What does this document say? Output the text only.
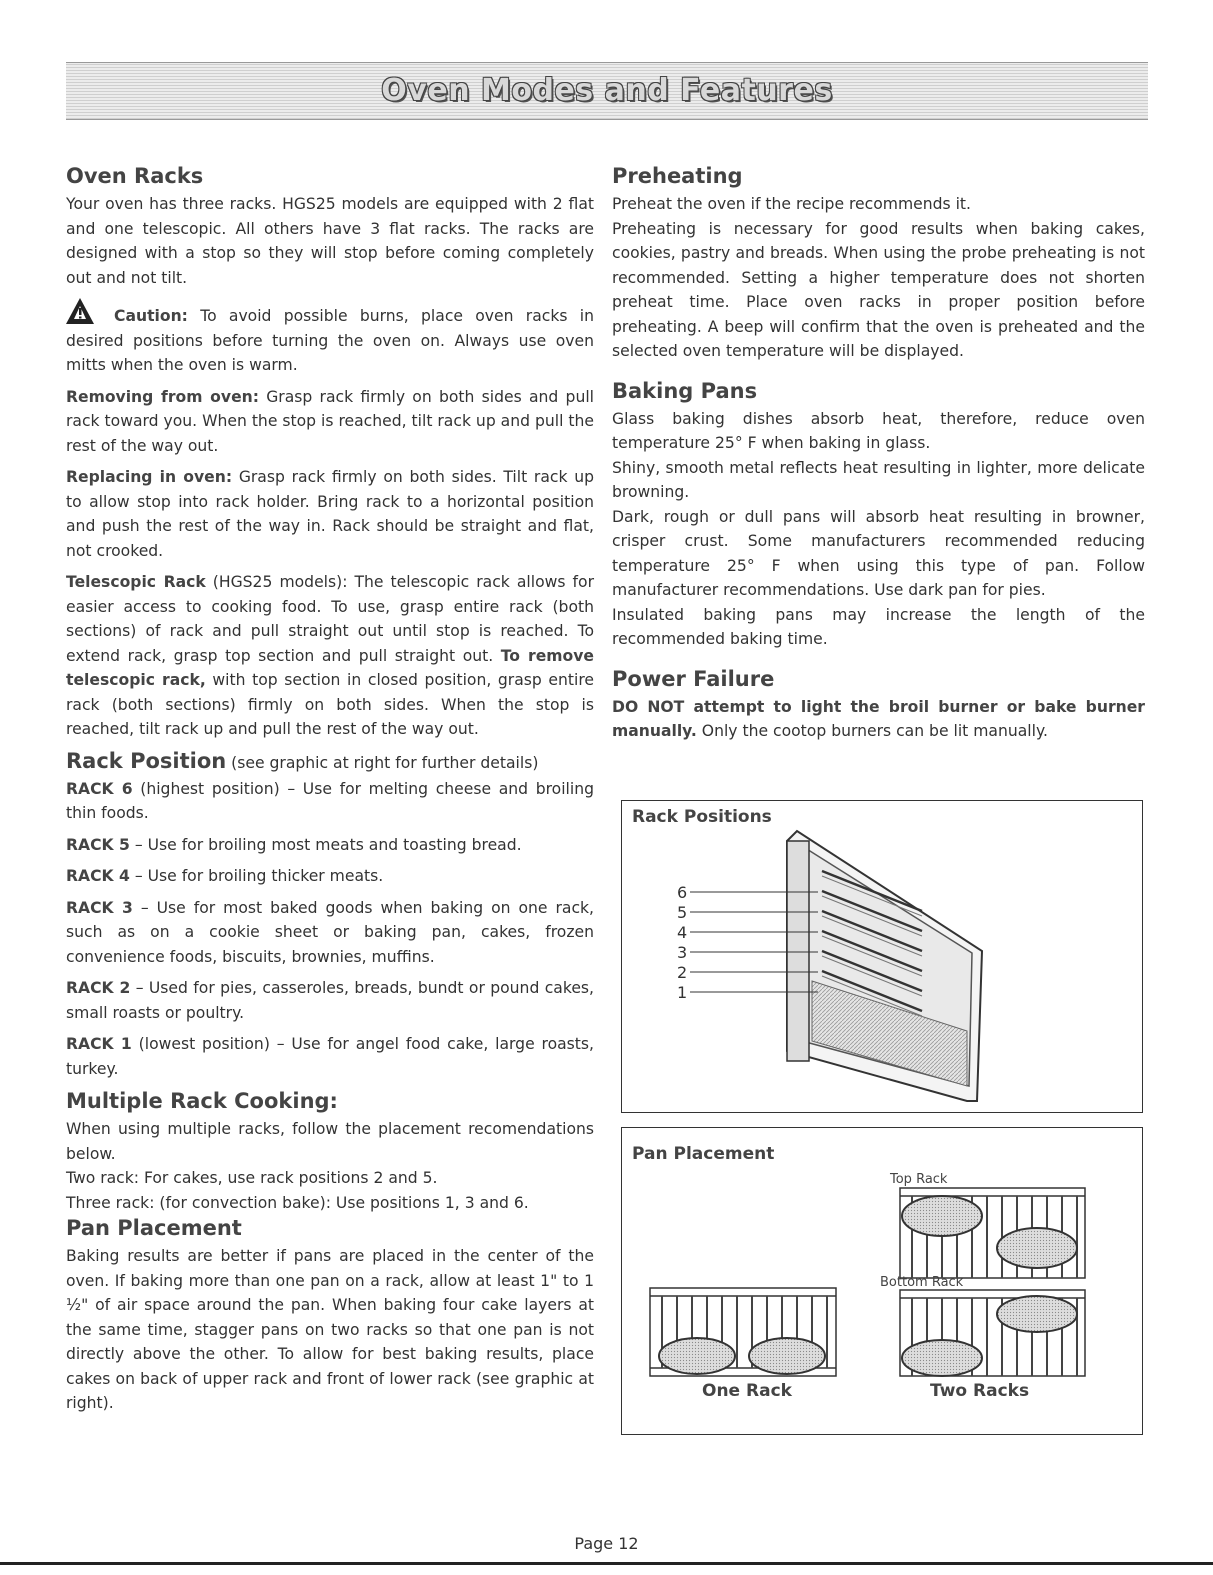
Oven Modes and Features
Oven Racks

Your oven has three racks. HGS25 models are equipped with 2 flat and one telescopic. All others have 3 flat racks. The racks are designed with a stop so they will stop before coming completely out and not tilt.

Caution: To avoid possible burns, place oven racks in desired positions before turning the oven on. Always use oven mitts when the oven is warm.

Removing from oven: Grasp rack firmly on both sides and pull rack toward you. When the stop is reached, tilt rack up and pull the rest of the way out.

Replacing in oven: Grasp rack firmly on both sides. Tilt rack up to allow stop into rack holder. Bring rack to a horizontal position and push the rest of the way in. Rack should be straight and flat, not crooked.

Telescopic Rack (HGS25 models): The telescopic rack allows for easier access to cooking food. To use, grasp entire rack (both sections) of rack and pull straight out until stop is reached. To extend rack, grasp top section and pull straight out. To remove telescopic rack, with top section in closed position, grasp entire rack (both sections) firmly on both sides. When the stop is reached, tilt rack up and pull the rest of the way out.

Rack Position (see graphic at right for further details)

RACK 6 (highest position) – Use for melting cheese and broiling thin foods.

RACK 5 – Use for broiling most meats and toasting bread.

RACK 4 – Use for broiling thicker meats.

RACK 3 – Use for most baked goods when baking on one rack, such as on a cookie sheet or baking pan, cakes, frozen convenience foods, biscuits, brownies, muffins.

RACK 2 – Used for pies, casseroles, breads, bundt or pound cakes, small roasts or poultry.

RACK 1 (lowest position) – Use for angel food cake, large roasts, turkey.

Multiple Rack Cooking:

When using multiple racks, follow the placement recomendations below.

Two rack: For cakes, use rack positions 2 and 5.

Three rack: (for convection bake): Use positions 1, 3 and 6.

Pan Placement

Baking results are better if pans are placed in the center of the oven. If baking more than one pan on a rack, allow at least 1" to 1 ½" of air space around the pan. When baking four cake layers at the same time, stagger pans on two racks so that one pan is not directly above the other. To allow for best baking results, place cakes on back of upper rack and front of lower rack (see graphic at right).

Preheating

Preheat the oven if the recipe recommends it.

Preheating is necessary for good results when baking cakes, cookies, pastry and breads. When using the probe preheating is not recommended. Setting a higher temperature does not shorten preheat time. Place oven racks in proper position before preheating. A beep will confirm that the oven is preheated and the selected oven temperature will be displayed.

Baking Pans

Glass baking dishes absorb heat, therefore, reduce oven temperature 25° F when baking in glass.

Shiny, smooth metal reflects heat resulting in lighter, more delicate browning.

Dark, rough or dull pans will absorb heat resulting in browner, crisper crust. Some manufacturers recommended reducing temperature 25° F when using this type of pan. Follow manufacturer recommendations. Use dark pan for pies.

Insulated baking pans may increase the length of the recommended baking time.

Power Failure

DO NOT attempt to light the broil burner or bake burner manually. Only the cootop burners can be lit manually.

Rack Positions
6
5
4
3
2
1
Pan Placement
Top Rack
Bottom Rack
One Rack	Two Racks
Page 12
